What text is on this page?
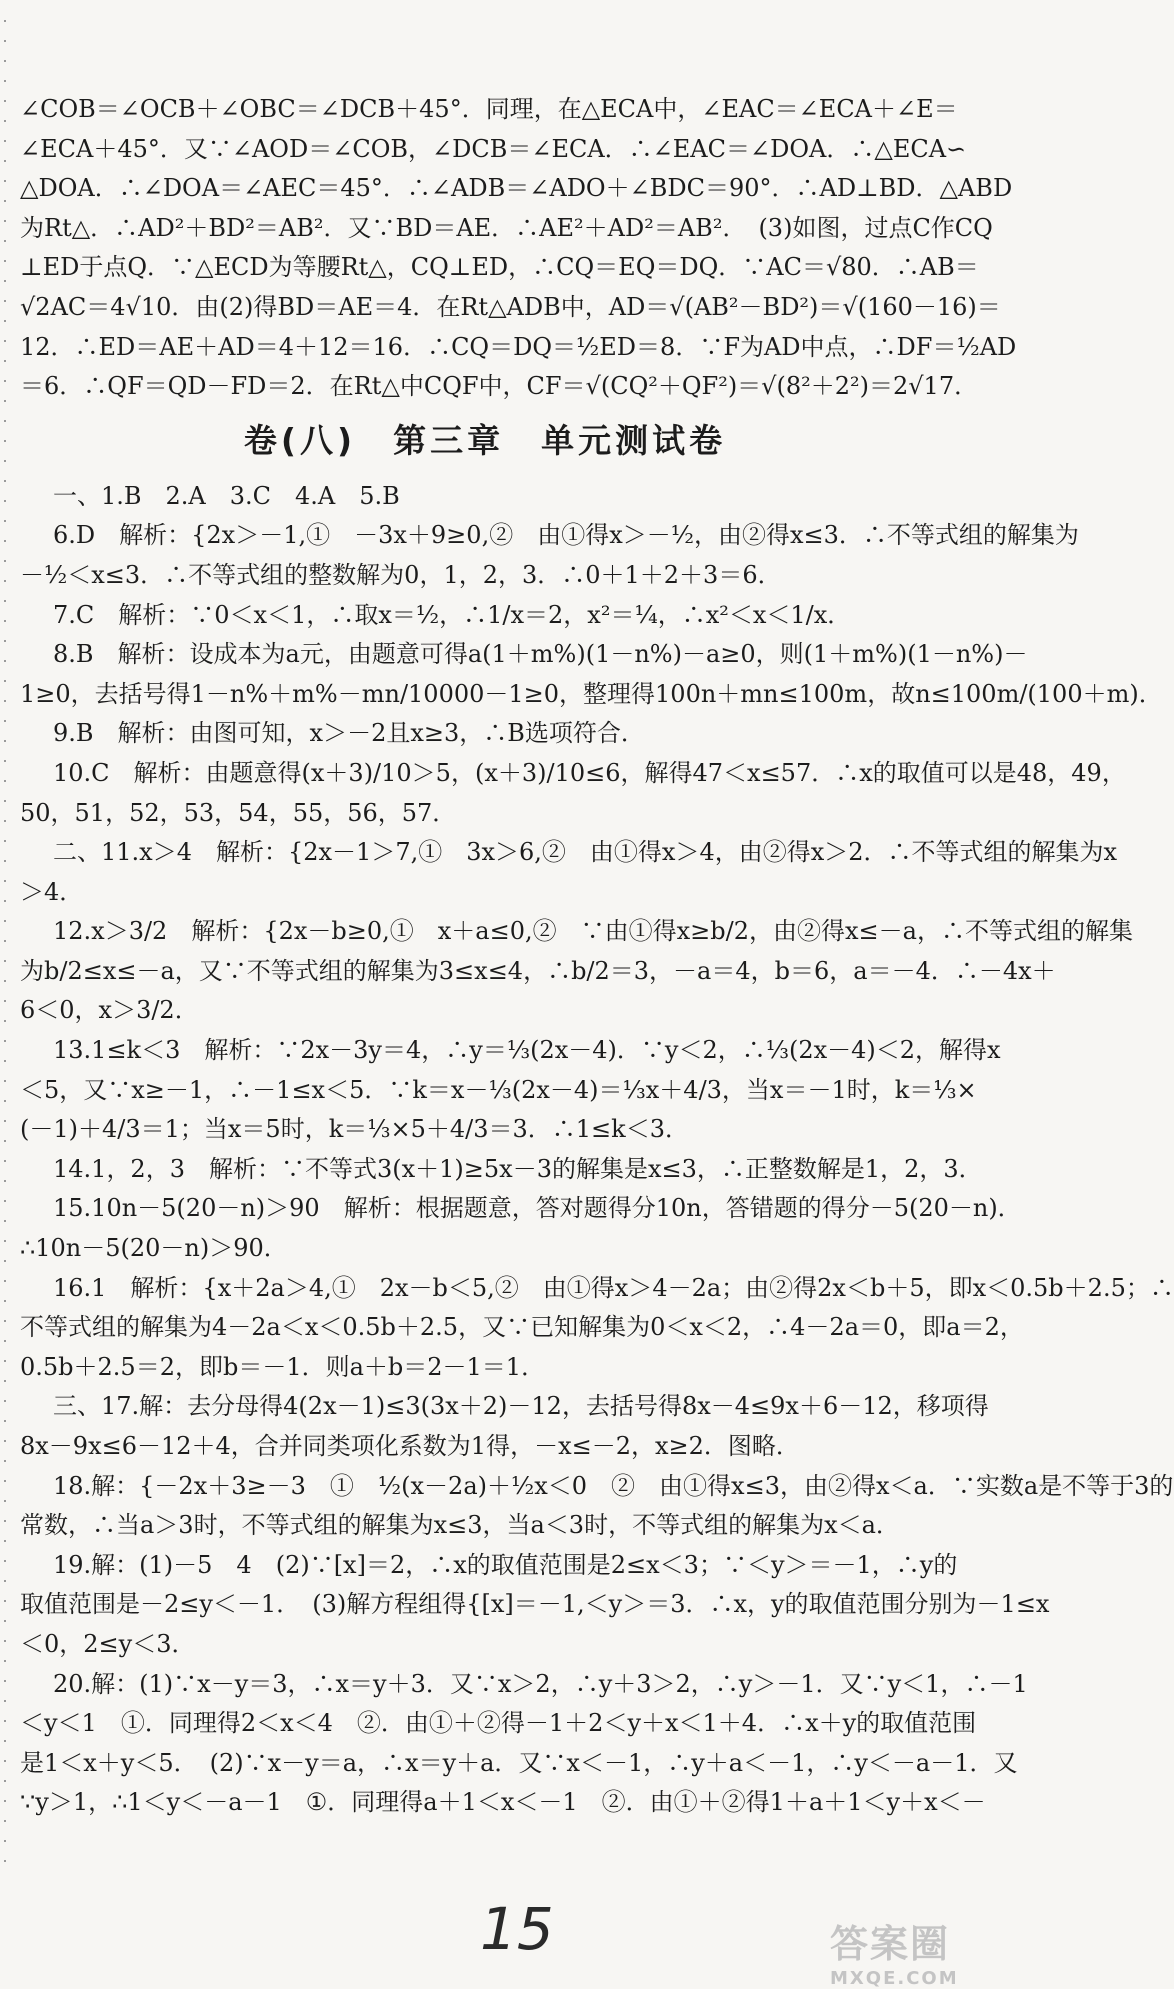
∠COB＝∠OCB＋∠OBC＝∠DCB＋45°．同理，在△ECA中，∠EAC＝∠ECA＋∠E＝

∠ECA＋45°．又∵∠AOD＝∠COB，∠DCB＝∠ECA．∴∠EAC＝∠DOA．∴△ECA∽

△DOA．∴∠DOA＝∠AEC＝45°．∴∠ADB＝∠ADO＋∠BDC＝90°．∴AD⊥BD．△ABD

为Rt△．∴AD²＋BD²＝AB²．又∵BD＝AE．∴AE²＋AD²＝AB²．　(3)如图，过点C作CQ

⊥ED于点Q．∵△ECD为等腰Rt△，CQ⊥ED，∴CQ＝EQ＝DQ．∵AC＝√80．∴AB＝

√2AC＝4√10．由(2)得BD＝AE＝4．在Rt△ADB中，AD＝√(AB²－BD²)＝√(160－16)＝

12．∴ED＝AE＋AD＝4＋12＝16．∴CQ＝DQ＝½ED＝8．∵F为AD中点，∴DF＝½AD

＝6．∴QF＝QD－FD＝2．在Rt△中CQF中，CF＝√(CQ²＋QF²)＝√(8²＋2²)＝2√17．

卷(八)　第三章　单元测试卷

一、1.B　2.A　3.C　4.A　5.B

6.D　解析：{2x＞－1,①　－3x＋9≥0,②　由①得x＞－½，由②得x≤3．∴不等式组的解集为

－½＜x≤3．∴不等式组的整数解为0，1，2，3．∴0＋1＋2＋3＝6．

7.C　解析：∵0＜x＜1，∴取x＝½，∴1/x＝2，x²＝¼，∴x²＜x＜1/x．

8.B　解析：设成本为a元，由题意可得a(1＋m%)(1－n%)－a≥0，则(1＋m%)(1－n%)－

1≥0，去括号得1－n%＋m%－mn/10000－1≥0，整理得100n＋mn≤100m，故n≤100m/(100＋m)．

9.B　解析：由图可知，x＞－2且x≥3，∴B选项符合．

10.C　解析：由题意得(x＋3)/10＞5，(x＋3)/10≤6，解得47＜x≤57．∴x的取值可以是48，49，

50，51，52，53，54，55，56，57．

二、11.x＞4　解析：{2x－1＞7,①　3x＞6,②　由①得x＞4，由②得x＞2．∴不等式组的解集为x

＞4．

12.x＞3/2　解析：{2x－b≥0,①　x＋a≤0,②　∵由①得x≥b/2，由②得x≤－a，∴不等式组的解集

为b/2≤x≤－a，又∵不等式组的解集为3≤x≤4，∴b/2＝3，－a＝4，b＝6，a＝－4．∴－4x＋

6＜0，x＞3/2．

13.1≤k＜3　解析：∵2x－3y＝4，∴y＝⅓(2x－4)．∵y＜2，∴⅓(2x－4)＜2，解得x

＜5，又∵x≥－1，∴－1≤x＜5．∵k＝x－⅓(2x－4)＝⅓x＋4/3，当x＝－1时，k＝⅓×

(－1)＋4/3＝1；当x＝5时，k＝⅓×5＋4/3＝3．∴1≤k＜3．

14.1，2，3　解析：∵不等式3(x＋1)≥5x－3的解集是x≤3，∴正整数解是1，2，3．

15.10n－5(20－n)＞90　解析：根据题意，答对题得分10n，答错题的得分－5(20－n)．

∴10n－5(20－n)＞90．

16.1　解析：{x＋2a＞4,①　2x－b＜5,②　由①得x＞4－2a；由②得2x＜b＋5，即x＜0.5b＋2.5；∴

不等式组的解集为4－2a＜x＜0.5b＋2.5，又∵已知解集为0＜x＜2，∴4－2a＝0，即a＝2，

0.5b＋2.5＝2，即b＝－1．则a＋b＝2－1＝1．

三、17.解：去分母得4(2x－1)≤3(3x＋2)－12，去括号得8x－4≤9x＋6－12，移项得

8x－9x≤6－12＋4，合并同类项化系数为1得，－x≤－2，x≥2．图略．

18.解：{－2x＋3≥－3　①　½(x－2a)＋½x＜0　②　由①得x≤3，由②得x＜a．∵实数a是不等于3的

常数，∴当a＞3时，不等式组的解集为x≤3，当a＜3时，不等式组的解集为x＜a．

19.解：(1)－5　4　(2)∵[x]＝2，∴x的取值范围是2≤x＜3；∵＜y＞＝－1，∴y的

取值范围是－2≤y＜－1．　(3)解方程组得{[x]＝－1,＜y＞＝3．∴x，y的取值范围分别为－1≤x

＜0，2≤y＜3．

20.解：(1)∵x－y＝3，∴x＝y＋3．又∵x＞2，∴y＋3＞2，∴y＞－1．又∵y＜1，∴－1

＜y＜1　①．同理得2＜x＜4　②．由①＋②得－1＋2＜y＋x＜1＋4．∴x＋y的取值范围

是1＜x＋y＜5．　(2)∵x－y＝a，∴x＝y＋a．又∵x＜－1，∴y＋a＜－1，∴y＜－a－1．又

∵y＞1，∴1＜y＜－a－1　①．同理得a＋1＜x＜－1　②．由①＋②得1＋a＋1＜y＋x＜－

15	答案圈
MXQE.COM
